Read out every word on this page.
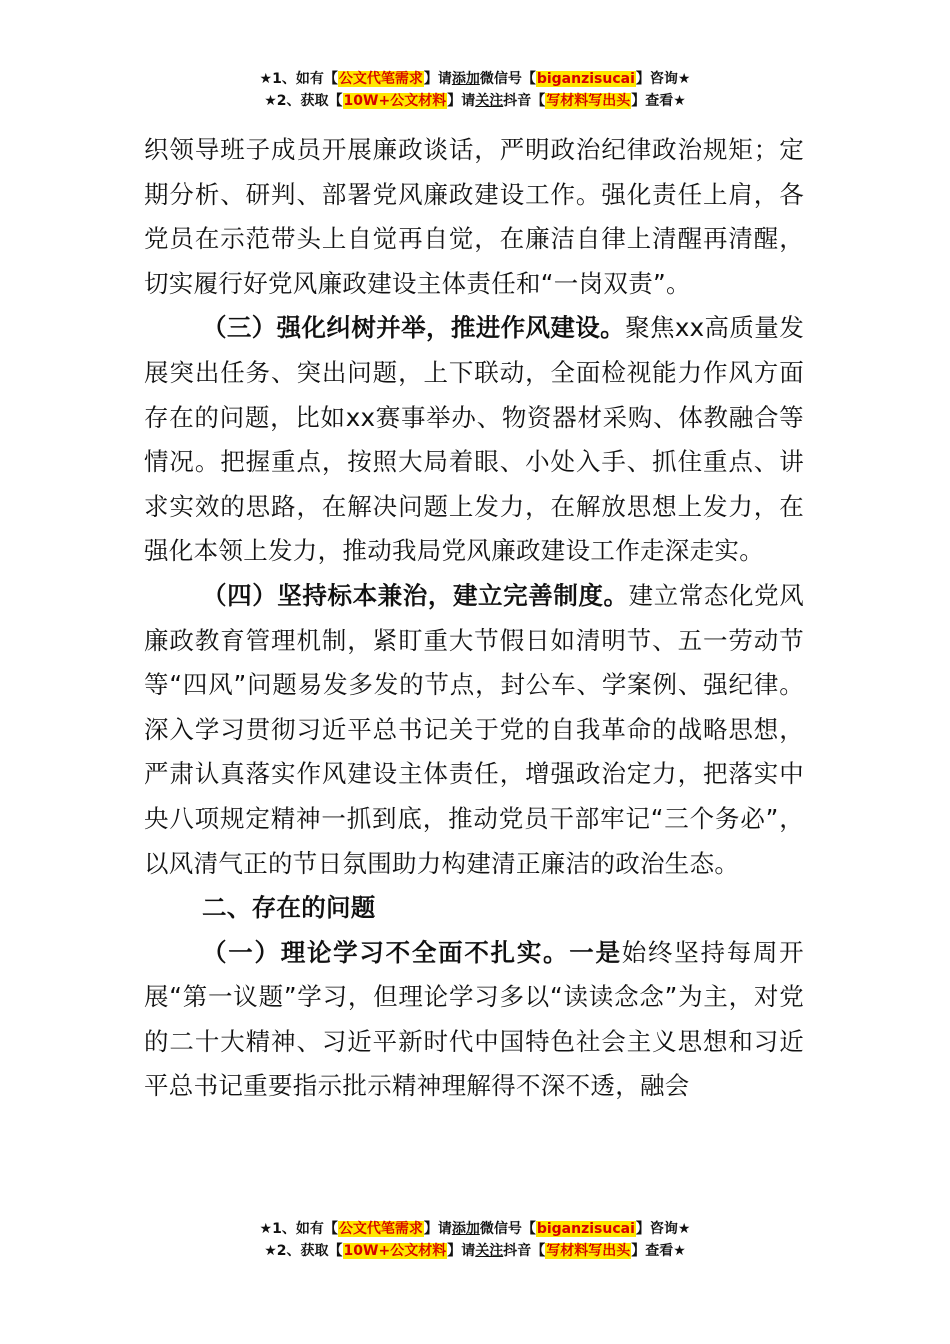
★1、如有【公文代笔需求】请添加微信号【biganzisucai】咨询★
★2、获取【10W+公文材料】请关注抖音【写材料写出头】查看★

织领导班子成员开展廉政谈话，严明政治纪律政治规矩；定期分析、研判、部署党风廉政建设工作。强化责任上肩，各党员在示范带头上自觉再自觉，在廉洁自律上清醒再清醒，切实履行好党风廉政建设主体责任和“一岗双责”。

（三）强化纠树并举，推进作风建设。聚焦xx高质量发展突出任务、突出问题，上下联动，全面检视能力作风方面存在的问题，比如xx赛事举办、物资器材采购、体教融合等情况。把握重点，按照大局着眼、小处入手、抓住重点、讲求实效的思路，在解决问题上发力，在解放思想上发力，在强化本领上发力，推动我局党风廉政建设工作走深走实。

（四）坚持标本兼治，建立完善制度。建立常态化党风廉政教育管理机制，紧盯重大节假日如清明节、五一劳动节等“四风”问题易发多发的节点，封公车、学案例、强纪律。深入学习贯彻习近平总书记关于党的自我革命的战略思想，严肃认真落实作风建设主体责任，增强政治定力，把落实中央八项规定精神一抓到底，推动党员干部牢记“三个务必”，以风清气正的节日氛围助力构建清正廉洁的政治生态。

二、存在的问题

（一）理论学习不全面不扎实。一是始终坚持每周开展“第一议题”学习，但理论学习多以“读读念念”为主，对党的二十大精神、习近平新时代中国特色社会主义思想和习近平总书记重要指示批示精神理解得不深不透，融会

★1、如有【公文代笔需求】请添加微信号【biganzisucai】咨询★
★2、获取【10W+公文材料】请关注抖音【写材料写出头】查看★
